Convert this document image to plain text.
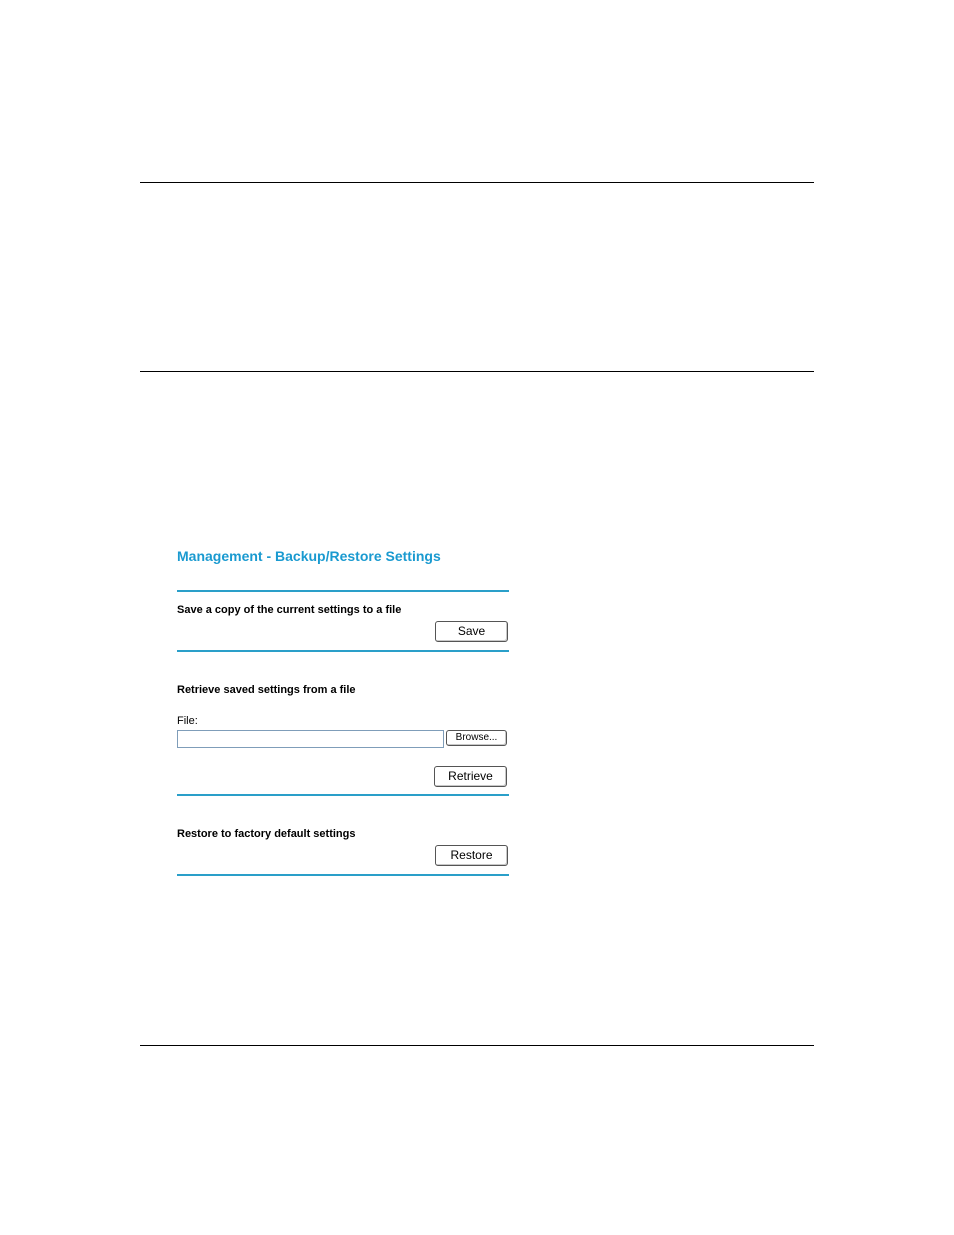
Management - Backup/Restore Settings
Save a copy of the current settings to a file
Save
Retrieve saved settings from a file
File:
Browse...
Retrieve
Restore to factory default settings
Restore
